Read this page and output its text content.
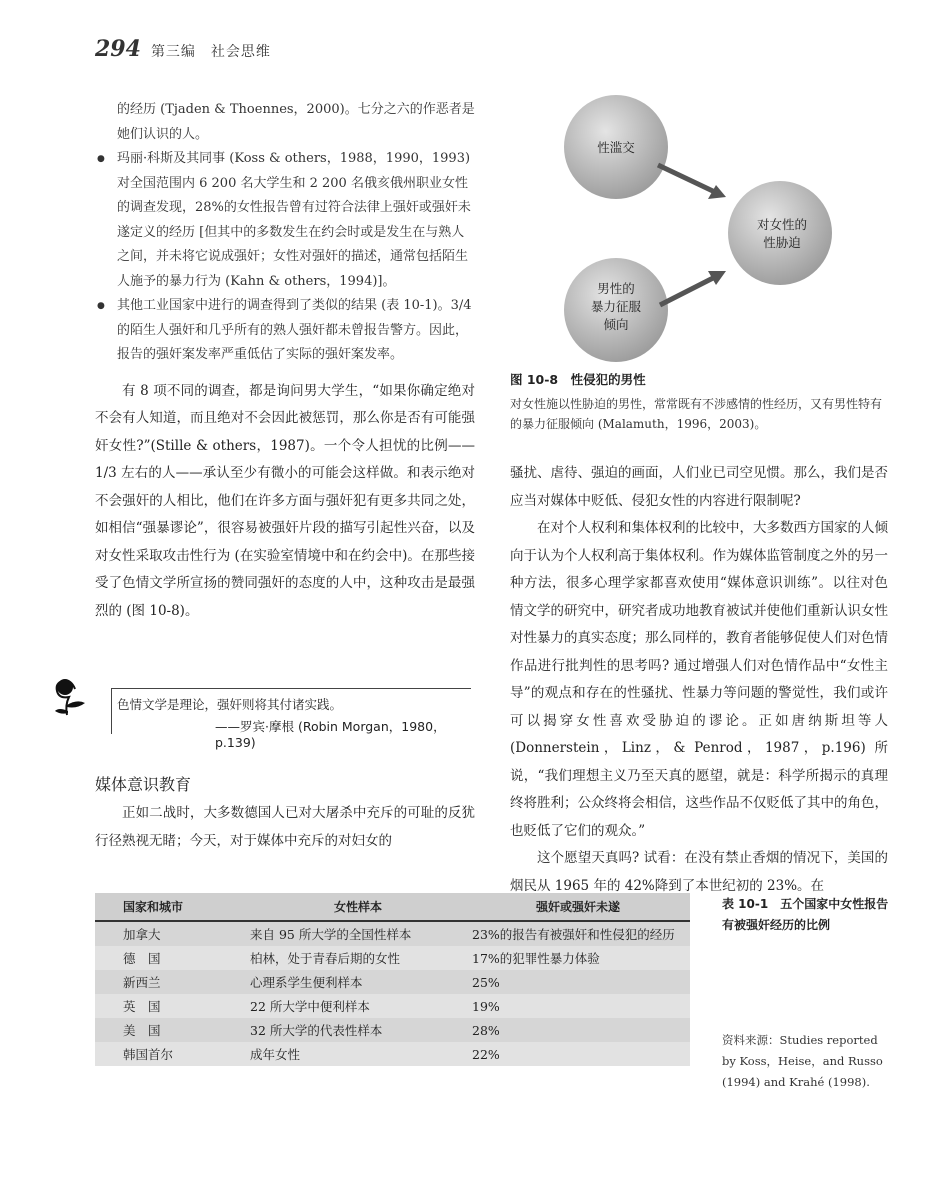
294 第三编　社会思维

的经历 (Tjaden & Thoennes，2000)。七分之六的作恶者是她们认识的人。

● 玛丽·科斯及其同事 (Koss & others，1988，1990，1993) 对全国范围内 6 200 名大学生和 2 200 名俄亥俄州职业女性的调查发现，28%的女性报告曾有过符合法律上强奸或强奸未遂定义的经历 [但其中的多数发生在约会时或是发生在与熟人之间，并未将它说成强奸；女性对强奸的描述，通常包括陌生人施予的暴力行为 (Kahn & others，1994)]。
● 其他工业国家中进行的调查得到了类似的结果 (表 10-1)。3/4 的陌生人强奸和几乎所有的熟人强奸都未曾报告警方。因此，报告的强奸案发率严重低估了实际的强奸案发率。

有 8 项不同的调查，都是询问男大学生，“如果你确定绝对不会有人知道，而且绝对不会因此被惩罚，那么你是否有可能强奸女性?”(Stille & others，1987)。一个令人担忧的比例——1/3 左右的人——承认至少有微小的可能会这样做。和表示绝对不会强奸的人相比，他们在许多方面与强奸犯有更多共同之处，如相信“强暴谬论”，很容易被强奸片段的描写引起性兴奋，以及对女性采取攻击性行为 (在实验室情境中和在约会中)。在那些接受了色情文学所宣扬的赞同强奸的态度的人中，这种攻击是最强烈的 (图 10-8)。

色情文学是理论，强奸则将其付诸实践。
——罗宾·摩根 (Robin Morgan，1980，p.139)
媒体意识教育

正如二战时，大多数德国人已对大屠杀中充斥的可耻的反犹行径熟视无睹；今天，对于媒体中充斥的对妇女的

性滥交
对女性的
性胁迫
男性的
暴力征服
倾向
图 10-8　性侵犯的男性
对女性施以性胁迫的男性，常常既有不涉感情的性经历，又有男性特有的暴力征服倾向 (Malamuth，1996，2003)。

骚扰、虐待、强迫的画面，人们业已司空见惯。那么，我们是否应当对媒体中贬低、侵犯女性的内容进行限制呢?

在对个人权利和集体权利的比较中，大多数西方国家的人倾向于认为个人权利高于集体权利。作为媒体监管制度之外的另一种方法，很多心理学家都喜欢使用“媒体意识训练”。以往对色情文学的研究中，研究者成功地教育被试并使他们重新认识女性对性暴力的真实态度；那么同样的，教育者能够促使人们对色情作品进行批判性的思考吗? 通过增强人们对色情作品中“女性主导”的观点和存在的性骚扰、性暴力等问题的警觉性，我们或许可以揭穿女性喜欢受胁迫的谬论。正如唐纳斯坦等人 (Donnerstein，Linz，& Penrod，1987，p.196) 所说，“我们理想主义乃至天真的愿望，就是：科学所揭示的真理终将胜利；公众终将会相信，这些作品不仅贬低了其中的角色，也贬低了它们的观众。”

这个愿望天真吗? 试看：在没有禁止香烟的情况下，美国的烟民从 1965 年的 42%降到了本世纪初的 23%。在

国家和城市	女性样本	强奸或强奸未遂
加拿大	来自 95 所大学的全国性样本	23%的报告有被强奸和性侵犯的经历
德　国	柏林，处于青春后期的女性	17%的犯罪性暴力体验
新西兰	心理系学生便利样本	25%
英　国	22 所大学中便利样本	19%
美　国	32 所大学的代表性样本	28%
韩国首尔	成年女性	22%
表 10-1　五个国家中女性报告有被强奸经历的比例
资料来源：Studies reported by Koss，Heise，and Russo (1994) and Krahé (1998).
